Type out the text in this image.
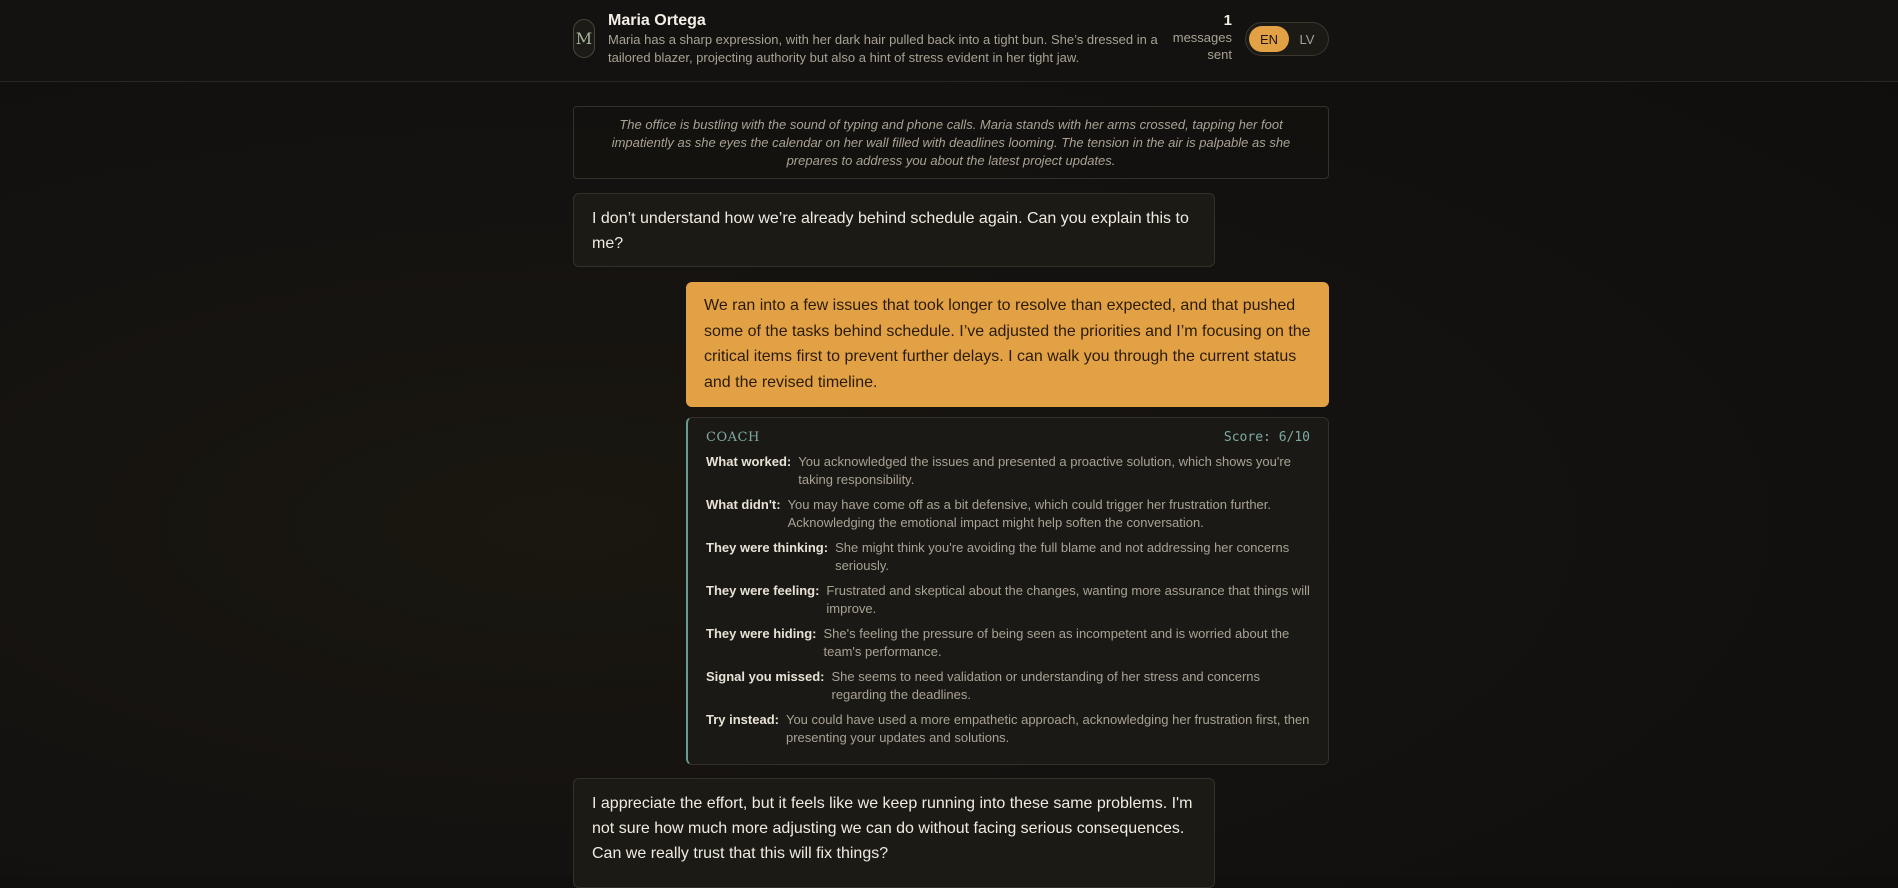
M
Maria Ortega
Maria has a sharp expression, with her dark hair pulled back into a tight bun. She’s dressed in a tailored blazer, projecting authority but also a hint of stress evident in her tight jaw.
1
messages sent
EN	LV
The office is bustling with the sound of typing and phone calls. Maria stands with her arms crossed, tapping her foot impatiently as she eyes the calendar on her wall filled with deadlines looming. The tension in the air is palpable as she prepares to address you about the latest project updates.
I don’t understand how we’re already behind schedule again. Can you explain this to me?
We ran into a few issues that took longer to resolve than expected, and that pushed some of the tasks behind schedule. I’ve adjusted the priorities and I’m focusing on the critical items first to prevent further delays. I can walk you through the current status and the revised timeline.
COACH	Score: 6/10
What worked: You acknowledged the issues and presented a proactive solution, which shows you're taking responsibility.
What didn't: You may have come off as a bit defensive, which could trigger her frustration further. Acknowledging the emotional impact might help soften the conversation.
They were thinking: She might think you're avoiding the full blame and not addressing her concerns seriously.
They were feeling: Frustrated and skeptical about the changes, wanting more assurance that things will improve.
They were hiding: She's feeling the pressure of being seen as incompetent and is worried about the team's performance.
Signal you missed: She seems to need validation or understanding of her stress and concerns regarding the deadlines.
Try instead: You could have used a more empathetic approach, acknowledging her frustration first, then presenting your updates and solutions.
I appreciate the effort, but it feels like we keep running into these same problems. I'm not sure how much more adjusting we can do without facing serious consequences. Can we really trust that this will fix things?
